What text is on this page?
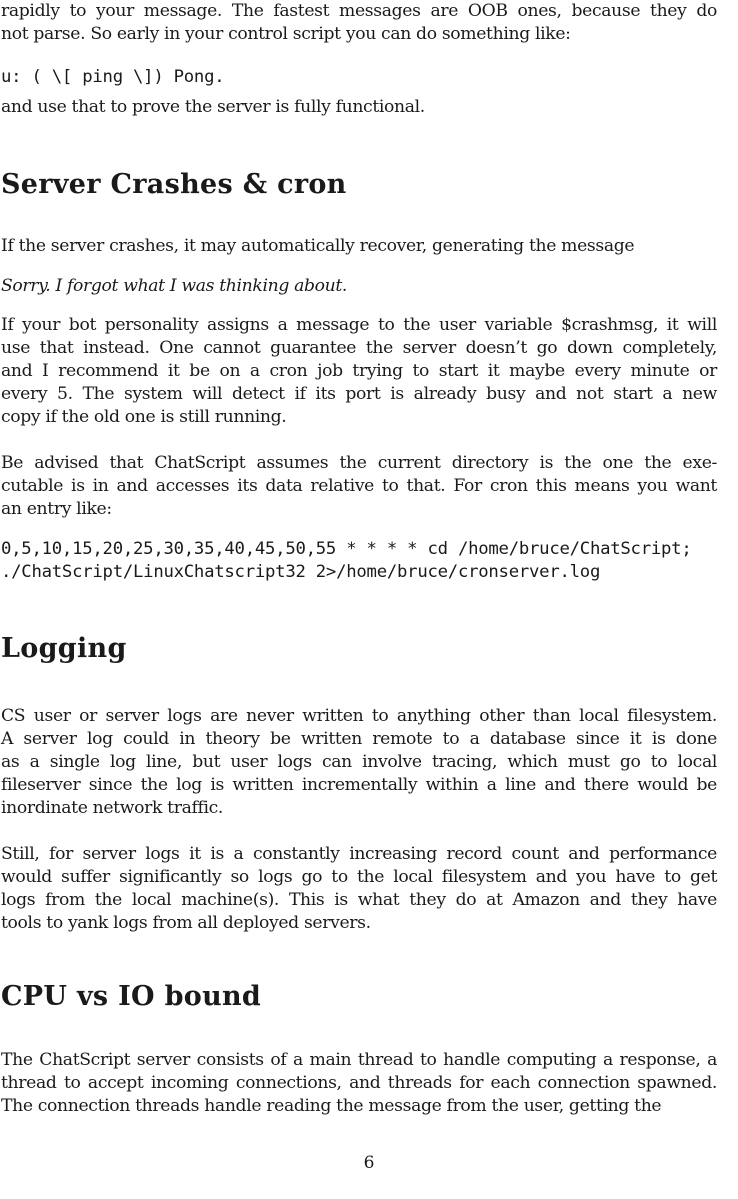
rapidly to your message. The fastest messages are OOB ones, because they do
not parse. So early in your control script you can do something like:
u: ( \[ ping \]) Pong.
and use that to prove the server is fully functional.
Server Crashes & cron
If the server crashes, it may automatically recover, generating the message
Sorry. I forgot what I was thinking about.
If your bot personality assigns a message to the user variable $crashmsg, it will
use that instead. One cannot guarantee the server doesn’t go down completely,
and I recommend it be on a cron job trying to start it maybe every minute or
every 5. The system will detect if its port is already busy and not start a new
copy if the old one is still running.
Be advised that ChatScript assumes the current directory is the one the exe-
cutable is in and accesses its data relative to that. For cron this means you want
an entry like:
0,5,10,15,20,25,30,35,40,45,50,55 * * * * cd /home/bruce/ChatScript;
./ChatScript/LinuxChatscript32 2>/home/bruce/cronserver.log
Logging
CS user or server logs are never written to anything other than local filesystem.
A server log could in theory be written remote to a database since it is done
as a single log line, but user logs can involve tracing, which must go to local
fileserver since the log is written incrementally within a line and there would be
inordinate network traffic.
Still, for server logs it is a constantly increasing record count and performance
would suffer significantly so logs go to the local filesystem and you have to get
logs from the local machine(s). This is what they do at Amazon and they have
tools to yank logs from all deployed servers.
CPU vs IO bound
The ChatScript server consists of a main thread to handle computing a response, a
thread to accept incoming connections, and threads for each connection spawned.
The connection threads handle reading the message from the user, getting the
6
